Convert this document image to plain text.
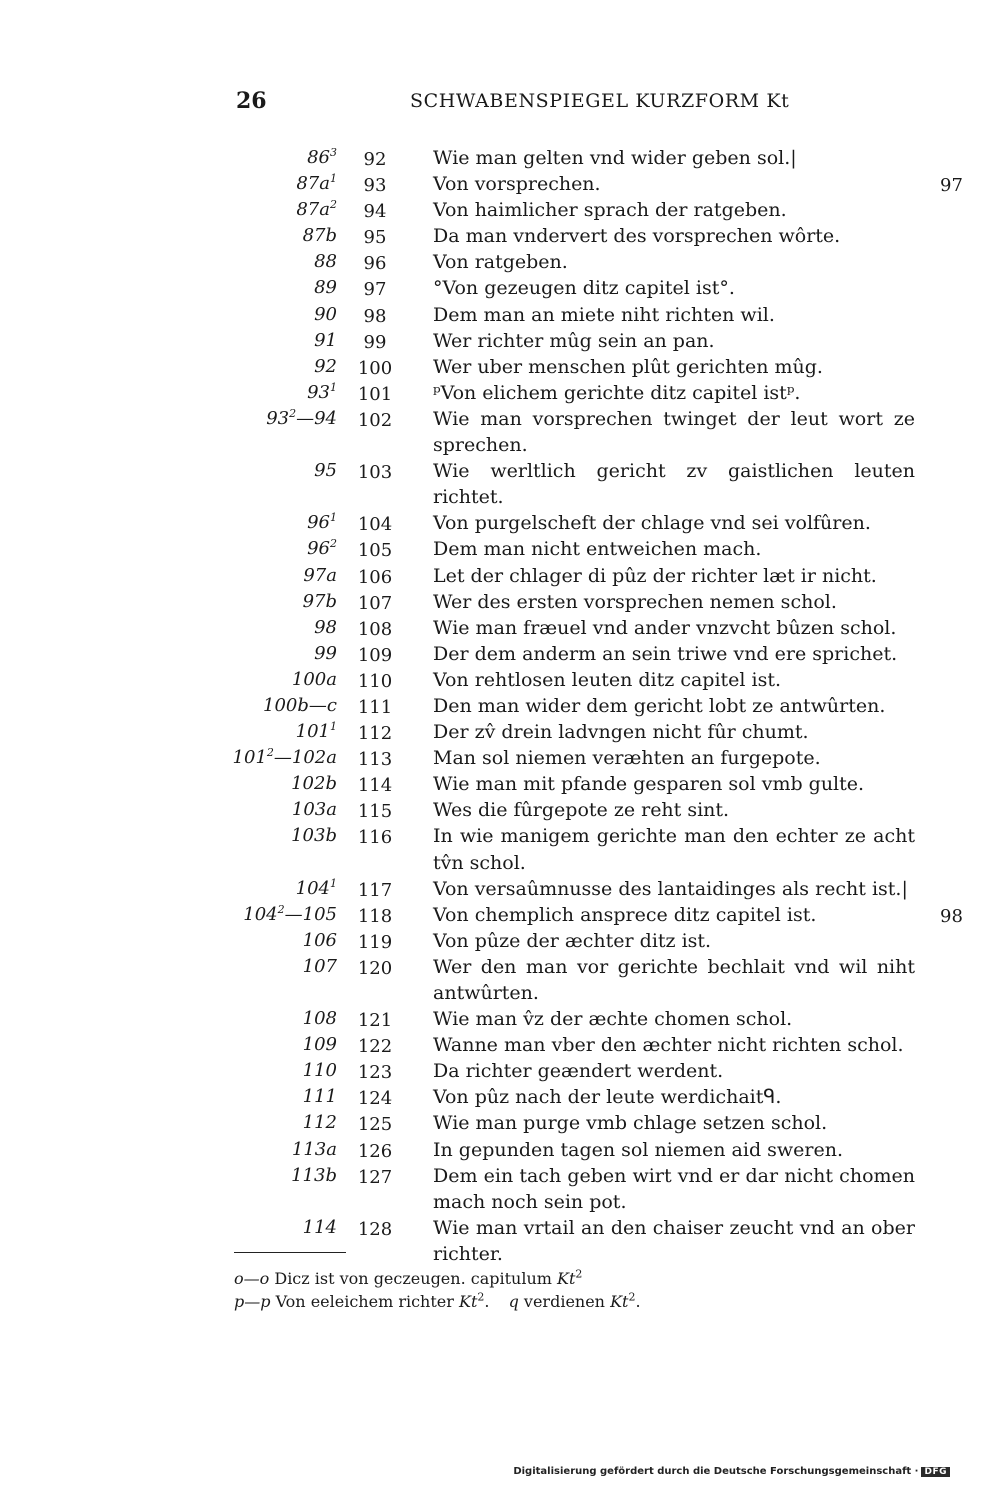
26	SCHWABENSPIEGEL KURZFORM Kt
$86^3$	92	Wie man gelten vnd wider geben sol.|
$87a^1$	93	Von vorsprechen.	97
$87a^2$	94	Von haimlicher sprach der ratgeben.
87b	95	Da man vndervert des vorsprechen wôrte.
88	96	Von ratgeben.
89	97	°Von gezeugen ditz capitel ist°.
90	98	Dem man an miete niht richten wil.
91	99	Wer richter mûg sein an pan.
92 100 Wer uber menschen plût gerichten mûg.
$93^1$ 101 ᵖVon elichem gerichte ditz capitel istᵖ.
$93^2—94$ 102 Wie man vorsprechen twinget der leut wort ze sprechen.
95 103 Wie werltlich gericht zv gaistlichen leuten richtet.
$96^1$ 104 Von purgelscheft der chlage vnd sei volfûren.
$96^2$ 105 Dem man nicht entweichen mach.
97a 106 Let der chlager di pûz der richter læt ir nicht.
97b 107 Wer des ersten vorsprechen nemen schol.
98 108 Wie man fræuel vnd ander vnzvcht bûzen schol.
99 109 Der dem anderm an sein triwe vnd ere sprichet.
100a 110 Von rehtlosen leuten ditz capitel ist.
100b—c 111 Den man wider dem gericht lobt ze antwûrten.
$101^1$ 112 Der zv̂ drein ladvngen nicht fûr chumt.
$101^2—102a$ 113 Man sol niemen veræhten an furgepote.
102b 114 Wie man mit pfande gesparen sol vmb gulte.
103a 115 Wes die fûrgepote ze reht sint.
103b 116 In wie manigem gerichte man den echter ze acht tv̂n schol.
$104^1$ 117 Von versaûmnusse des lantaidinges als recht ist.|
$104^2—105$ 118 Von chemplich ansprece ditz capitel ist.	98
106 119 Von pûze der æchter ditz ist.
107 120 Wer den man vor gerichte bechlait vnd wil niht antwûrten.
108 121 Wie man v̂z der æchte chomen schol.
109 122 Wanne man vber den æchter nicht richten schol.
110 123 Da richter geændert werdent.
111 124 Von pûz nach der leute werdichaitᑫ.
112 125 Wie man purge vmb chlage setzen schol.
113a 126 In gepunden tagen sol niemen aid sweren.
113b 127 Dem ein tach geben wirt vnd er dar nicht chomen mach noch sein pot.
114 128 Wie man vrtail an den chaiser zeucht vnd an ober richter.
o—o Dicz ist von geczeugen. capitulum Kt$^2$
p—p Von eeleichem richter Kt$^2$. q verdienen Kt$^2$.
Digitalisierung gefördert durch die Deutsche Forschungsgemeinschaft · DFG
